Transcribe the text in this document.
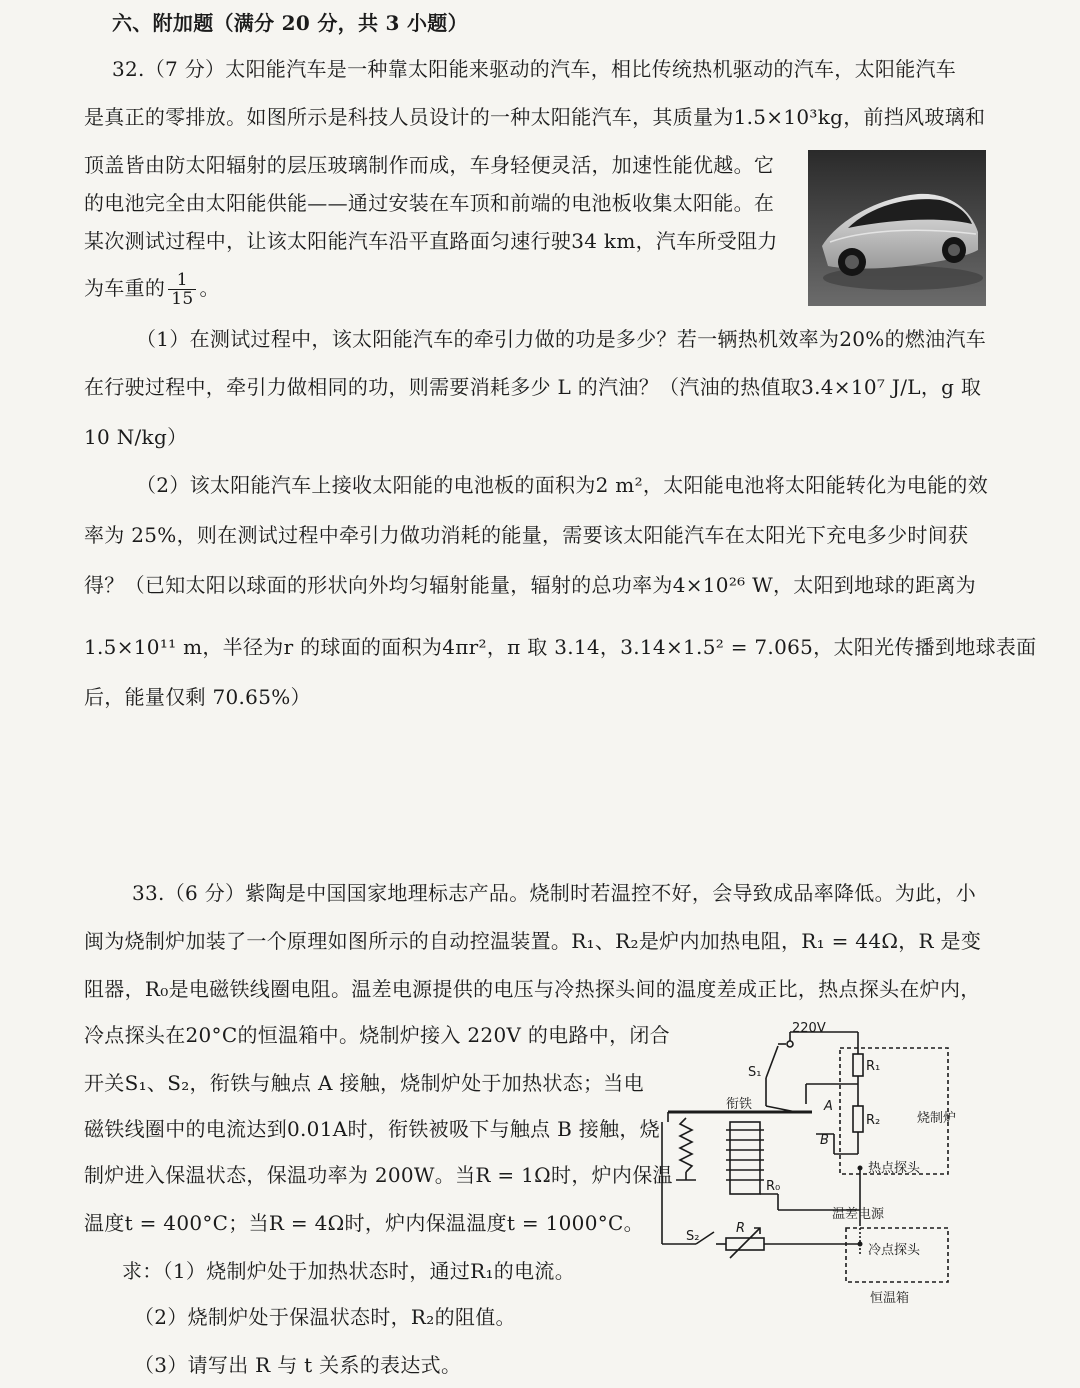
六、附加题（满分 20 分，共 3 小题）
32.（7 分）太阳能汽车是一种靠太阳能来驱动的汽车，相比传统热机驱动的汽车，太阳能汽车
是真正的零排放。如图所示是科技人员设计的一种太阳能汽车，其质量为1.5×10³kg，前挡风玻璃和
顶盖皆由防太阳辐射的层压玻璃制作而成，车身轻便灵活，加速性能优越。它
的电池完全由太阳能供能——通过安装在车顶和前端的电池板收集太阳能。在
某次测试过程中，让该太阳能汽车沿平直路面匀速行驶34 km，汽车所受阻力
为车重的 $\frac{1}{15}$ 。
（1）在测试过程中，该太阳能汽车的牵引力做的功是多少？若一辆热机效率为20%的燃油汽车
在行驶过程中，牵引力做相同的功，则需要消耗多少 L 的汽油？（汽油的热值取3.4×10⁷ J/L，g 取
10 N/kg）
（2）该太阳能汽车上接收太阳能的电池板的面积为2 m²，太阳能电池将太阳能转化为电能的效
率为 25%，则在测试过程中牵引力做功消耗的能量，需要该太阳能汽车在太阳光下充电多少时间获
得？（已知太阳以球面的形状向外均匀辐射能量，辐射的总功率为4×10²⁶ W，太阳到地球的距离为
1.5×10¹¹ m，半径为r 的球面的面积为4πr²，π 取 3.14，3.14×1.5² = 7.065，太阳光传播到地球表面
后，能量仅剩 70.65%）
33.（6 分）紫陶是中国国家地理标志产品。烧制时若温控不好，会导致成品率降低。为此，小
闽为烧制炉加装了一个原理如图所示的自动控温装置。R₁、R₂是炉内加热电阻，R₁ = 44Ω，R 是变
阻器，R₀是电磁铁线圈电阻。温差电源提供的电压与冷热探头间的温度差成正比，热点探头在炉内，
冷点探头在20°C的恒温箱中。烧制炉接入 220V 的电路中，闭合
开关S₁、S₂，衔铁与触点 A 接触，烧制炉处于加热状态；当电
磁铁线圈中的电流达到0.01A时，衔铁被吸下与触点 B 接触，烧
制炉进入保温状态，保温功率为 200W。当R = 1Ω时，炉内保温
温度t = 400°C；当R = 4Ω时，炉内保温温度t = 1000°C。
求：（1）烧制炉处于加热状态时，通过R₁的电流。
（2）烧制炉处于保温状态时，R₂的阻值。
（3）请写出 R 与 t 关系的表达式。
220V
S₁
衔铁	A
B
R₁
R₂
R₀
S₂
R
烧制炉
热点探头
温差电源
冷点探头
恒温箱
